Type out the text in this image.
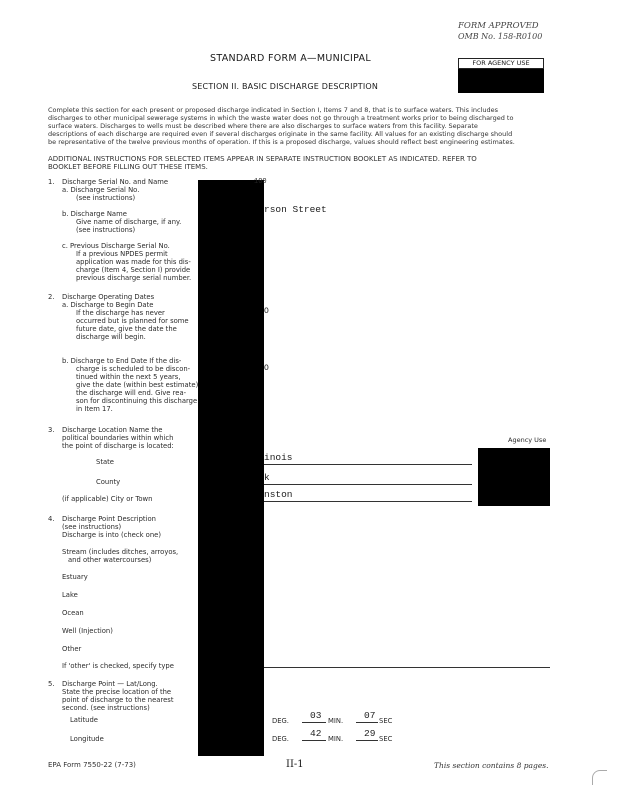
FORM APPROVED
OMB No. 158-R0100
STANDARD FORM A—MUNICIPAL	FOR AGENCY USE
SECTION II. BASIC DISCHARGE DESCRIPTION
Complete this section for each present or proposed discharge indicated in Section I, Items 7 and 8, that is to surface waters. This includes
discharges to other municipal sewerage systems in which the waste water does not go through a treatment works prior to being discharged to
surface waters. Discharges to wells must be described where there are also discharges to surface waters from this facility. Separate
descriptions of each discharge are required even if several discharges originate in the same facility. All values for an existing discharge should
be representative of the twelve previous months of operation. If this is a proposed discharge, values should reflect best engineering estimates.
ADDITIONAL INSTRUCTIONS FOR SELECTED ITEMS APPEAR IN SEPARATE INSTRUCTION BOOKLET AS INDICATED. REFER TO
BOOKLET BEFORE FILLING OUT THESE ITEMS.
1. Discharge Serial No. and Name
a. Discharge Serial No.
(see instructions)
100
b. Discharge Name
Give name of discharge, if any.
(see instructions)
rson Street
c. Previous Discharge Serial No.
If a previous NPDES permit
application was made for this dis-
charge (Item 4, Section I) provide
previous discharge serial number.
2. Discharge Operating Dates
a. Discharge to Begin Date
If the discharge has never
occurred but is planned for some
future date, give the date the
discharge will begin.
O
b. Discharge to End Date If the dis-
charge is scheduled to be discon-
tinued within the next 5 years,
give the date (within best estimate)
the discharge will end. Give rea-
son for discontinuing this discharge
in Item 17.
O
3. Discharge Location Name the
political boundaries within which
the point of discharge is located:
Agency Use
State	inois
County	k
(if applicable) City or Town	nston
4. Discharge Point Description
(see instructions)
Discharge is into (check one)
Stream (includes ditches, arroyos,
and other watercourses)
Estuary
Lake
Ocean
Well (Injection)
Other
If 'other' is checked, specify type
5. Discharge Point — Lat/Long.
State the precise location of the
point of discharge to the nearest
second. (see instructions)
Latitude	DEG. 03 MIN. 07 SEC
Longitude	DEG. 42 MIN. 29 SEC
EPA Form 7550-22 (7-73)	II-1	This section contains 8 pages.
